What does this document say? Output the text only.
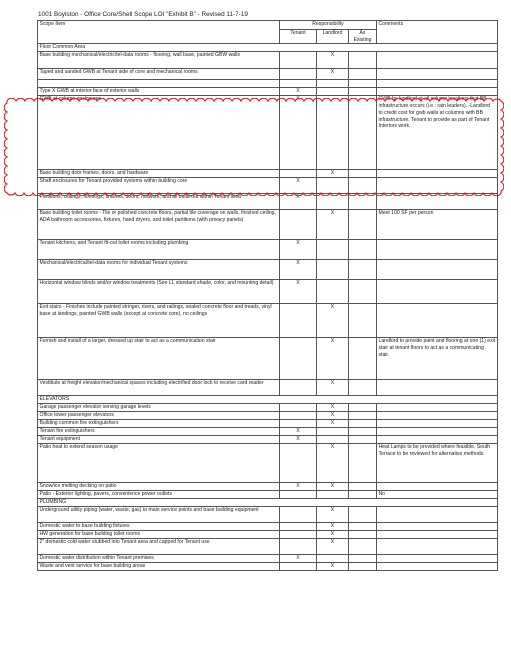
1001 Boylston - Office Core/Shell Scope LOI "Exhibit B" - Revised 11-7-19
Scope Item	Responsibility			Comments
	Tenant	Landlord	As Existing	
Floor Common Area				
Base building mechanical/electric/tel-data rooms - flooring, wall base, painted GBW walls		X		
Taped and sanded GWB at Tenant side of core and mechanical rooms		X		

Type X GWB at interior face of exterior walls	X			
GWB at column enclosures	X			GWB by landlord at all column locations that BB infrastructure occurs (i.e.: rain leaders). -Landlord to credit cost for gwb walls at columns with BB infrastructure. Tenant to provide as part of Tenant Interiors work.
Base building door frames, doors, and hardware		X		
Shaft enclosures for Tenant provided systems within building core	X			
Partitions, ceilings, floorings, finishes, doors, millwork, and all build-out within Tenant area	X			
Base building toilet rooms - Tile or polished concrete floors, partial tile coverage on walls, finished ceiling, ADA bathroom accessories, fixtures, hand dryers, and toilet partitions (with privacy panels)		X		Meet 100 SF per person
Tenant kitchens, and Tenant fit-out toilet rooms including plumbing	X			
Mechanical/electrical/tel-data rooms for individual Tenant systems	X			
Horizontal window blinds and/or window treatments (See LL standard shade, color, and mounting detail)	X			
Exit stairs - Finishes include painted stringer, risers, and railings, sealed concrete floor and treads, vinyl base at landings, painted GWB walls (except at concrete core), no ceilings		X		
Furnish and install of a larger, dressed up stair to act as a communication stair		X		Landlord to provide paint and flooring at one (1) exit stair at tenant floors to act as a communicating stair.
Vestibule at freight elevator/mechanical spaces including electrified door lock to receive card reader		X		
ELEVATORS				
Garage passenger elevator serving garage levels		X		
Office tower passenger elevators		X		
Building common fire extinguishers		X		
Tenant fire extinguishers	X			
Tenant equipment	X			
Patio heat to extend season usage		X		Heat Lamps to be provided where feasible. South Terrace to be reviewed for alternative methods.
Snow/ice melting decking on patio	X	X		
Patio - Exterior lighting, pavers, convenience power outlets				No
PLUMBING				
Underground utility piping (water, waste, gas) to main service points and base building equipment		X		
Domestic water to base building fixtures		X		
HW generation for base building toilet rooms		X		
2" domestic cold water stubbed into Tenant area and capped for Tenant use		X		
Domestic water distribution within Tenant premises	X			
Waste and vent service for base building areas		X		
